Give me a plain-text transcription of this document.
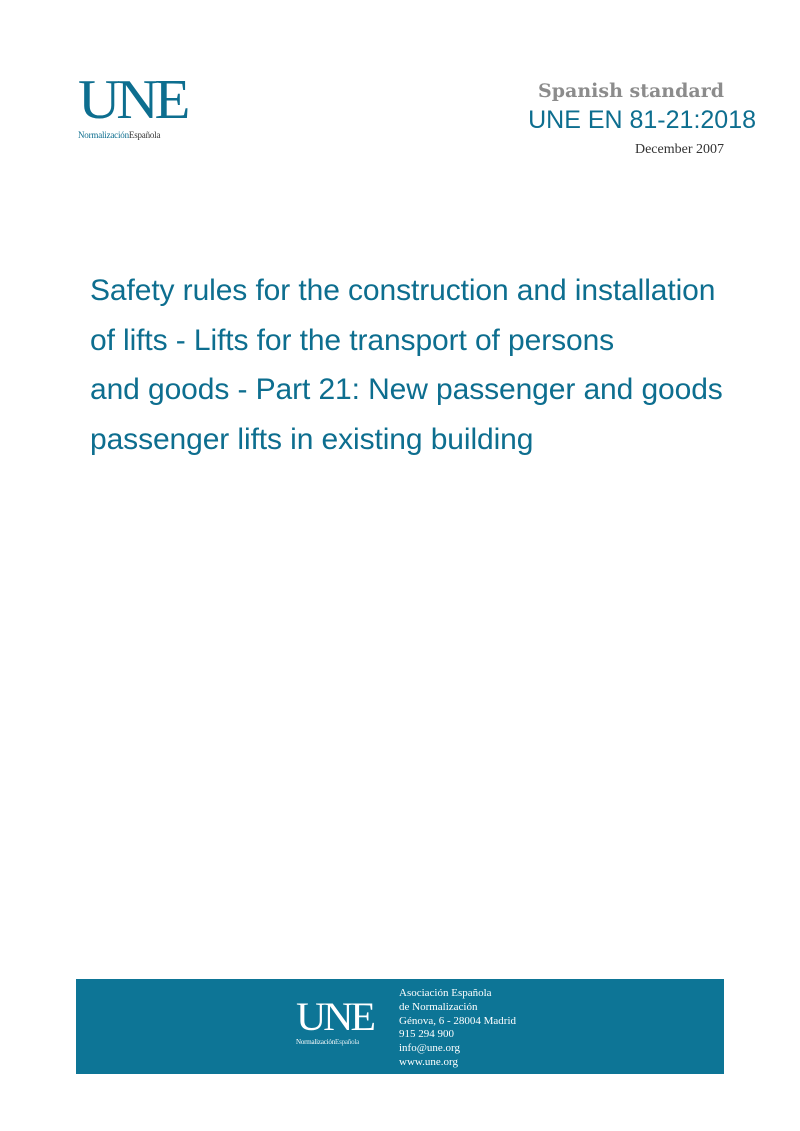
UNE
NormalizaciónEspañola
Spanish standard
UNE EN 81-21:2018
December 2007
Safety rules for the construction and installation
of lifts - Lifts for the transport of persons
and goods - Part 21: New passenger and goods
passenger lifts in existing building
UNE
NormalizaciónEspañola
Asociación Española
de Normalización
Génova, 6 - 28004 Madrid
915 294 900
info@une.org
www.une.org
